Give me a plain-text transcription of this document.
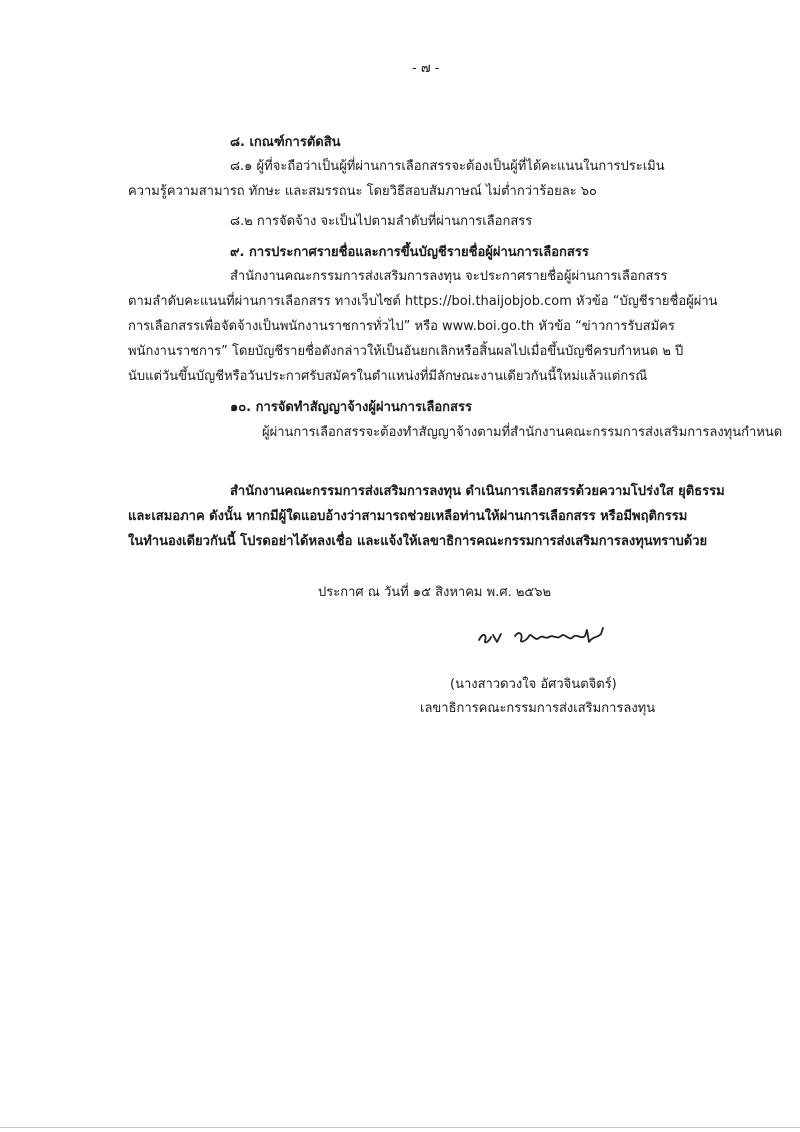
- ๗ -
๘. เกณฑ์การตัดสิน
๘.๑ ผู้ที่จะถือว่าเป็นผู้ที่ผ่านการเลือกสรรจะต้องเป็นผู้ที่ได้คะแนนในการประเมิน
ความรู้ความสามารถ ทักษะ และสมรรถนะ โดยวิธีสอบสัมภาษณ์ ไม่ต่ำกว่าร้อยละ ๖๐
๘.๒ การจัดจ้าง จะเป็นไปตามลำดับที่ผ่านการเลือกสรร
๙. การประกาศรายชื่อและการขึ้นบัญชีรายชื่อผู้ผ่านการเลือกสรร
สำนักงานคณะกรรมการส่งเสริมการลงทุน จะประกาศรายชื่อผู้ผ่านการเลือกสรร
ตามลำดับคะแนนที่ผ่านการเลือกสรร ทางเว็บไซต์ https://boi.thaijobjob.com หัวข้อ “บัญชีรายชื่อผู้ผ่าน
การเลือกสรรเพื่อจัดจ้างเป็นพนักงานราชการทั่วไป” หรือ www.boi.go.th หัวข้อ “ข่าวการรับสมัคร
พนักงานราชการ” โดยบัญชีรายชื่อดังกล่าวให้เป็นอันยกเลิกหรือสิ้นผลไปเมื่อขึ้นบัญชีครบกำหนด ๒ ปี
นับแต่วันขึ้นบัญชีหรือวันประกาศรับสมัครในตำแหน่งที่มีลักษณะงานเดียวกันนี้ใหม่แล้วแต่กรณี
๑๐. การจัดทำสัญญาจ้างผู้ผ่านการเลือกสรร
ผู้ผ่านการเลือกสรรจะต้องทำสัญญาจ้างตามที่สำนักงานคณะกรรมการส่งเสริมการลงทุนกำหนด
สำนักงานคณะกรรมการส่งเสริมการลงทุน ดำเนินการเลือกสรรด้วยความโปร่งใส ยุติธรรม
และเสมอภาค ดังนั้น หากมีผู้ใดแอบอ้างว่าสามารถช่วยเหลือท่านให้ผ่านการเลือกสรร หรือมีพฤติกรรม
ในทำนองเดียวกันนี้ โปรดอย่าได้หลงเชื่อ และแจ้งให้เลขาธิการคณะกรรมการส่งเสริมการลงทุนทราบด้วย
ประกาศ ณ วันที่ ๑๕ สิงหาคม พ.ศ. ๒๕๖๒
(นางสาวดวงใจ อัศวจินตจิตร์)
เลขาธิการคณะกรรมการส่งเสริมการลงทุน
